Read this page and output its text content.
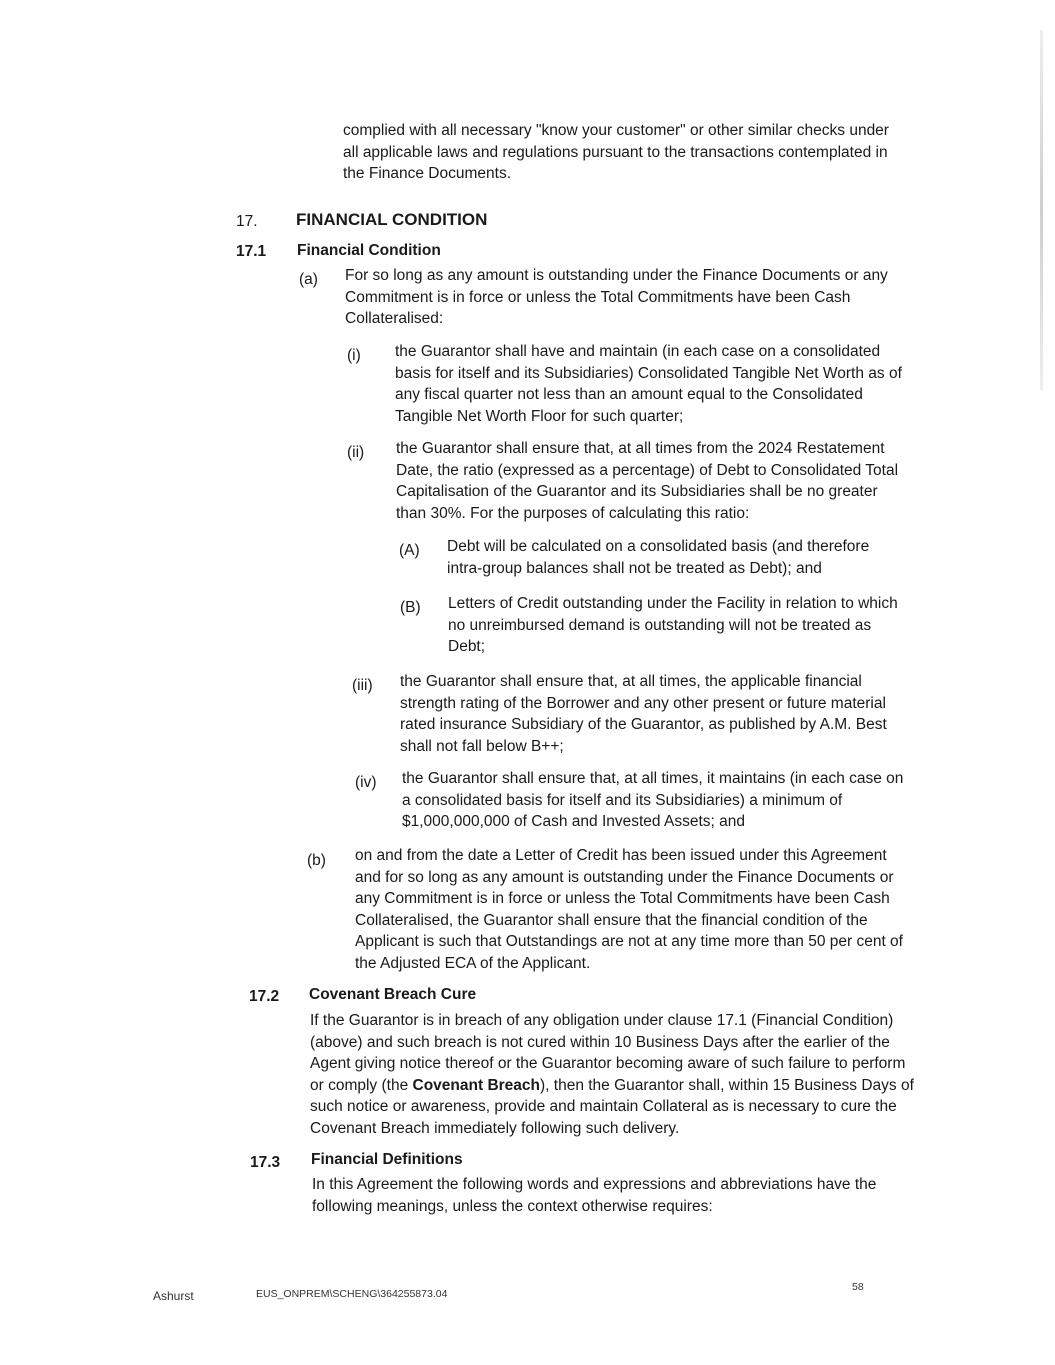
complied with all necessary "know your customer" or other similar checks under all applicable laws and regulations pursuant to the transactions contemplated in the Finance Documents.

17. FINANCIAL CONDITION
17.1 Financial Condition
(a) For so long as any amount is outstanding under the Finance Documents or any Commitment is in force or unless the Total Commitments have been Cash Collateralised:

(i) the Guarantor shall have and maintain (in each case on a consolidated basis for itself and its Subsidiaries) Consolidated Tangible Net Worth as of any fiscal quarter not less than an amount equal to the Consolidated Tangible Net Worth Floor for such quarter;

(ii) the Guarantor shall ensure that, at all times from the 2024 Restatement Date, the ratio (expressed as a percentage) of Debt to Consolidated Total Capitalisation of the Guarantor and its Subsidiaries shall be no greater than 30%. For the purposes of calculating this ratio:

(A) Debt will be calculated on a consolidated basis (and therefore intra-group balances shall not be treated as Debt); and

(B) Letters of Credit outstanding under the Facility in relation to which no unreimbursed demand is outstanding will not be treated as Debt;

(iii) the Guarantor shall ensure that, at all times, the applicable financial strength rating of the Borrower and any other present or future material rated insurance Subsidiary of the Guarantor, as published by A.M. Best shall not fall below B++;

(iv) the Guarantor shall ensure that, at all times, it maintains (in each case on a consolidated basis for itself and its Subsidiaries) a minimum of $1,000,000,000 of Cash and Invested Assets; and

(b) on and from the date a Letter of Credit has been issued under this Agreement and for so long as any amount is outstanding under the Finance Documents or any Commitment is in force or unless the Total Commitments have been Cash Collateralised, the Guarantor shall ensure that the financial condition of the Applicant is such that Outstandings are not at any time more than 50 per cent of the Adjusted ECA of the Applicant.

17.2 Covenant Breach Cure

If the Guarantor is in breach of any obligation under clause 17.1 (Financial Condition) (above) and such breach is not cured within 10 Business Days after the earlier of the Agent giving notice thereof or the Guarantor becoming aware of such failure to perform or comply (the Covenant Breach), then the Guarantor shall, within 15 Business Days of such notice or awareness, provide and maintain Collateral as is necessary to cure the Covenant Breach immediately following such delivery.

17.3 Financial Definitions

In this Agreement the following words and expressions and abbreviations have the following meanings, unless the context otherwise requires:

Ashurst	EUS_ONPREM\SCHENG\364255873.04
58
